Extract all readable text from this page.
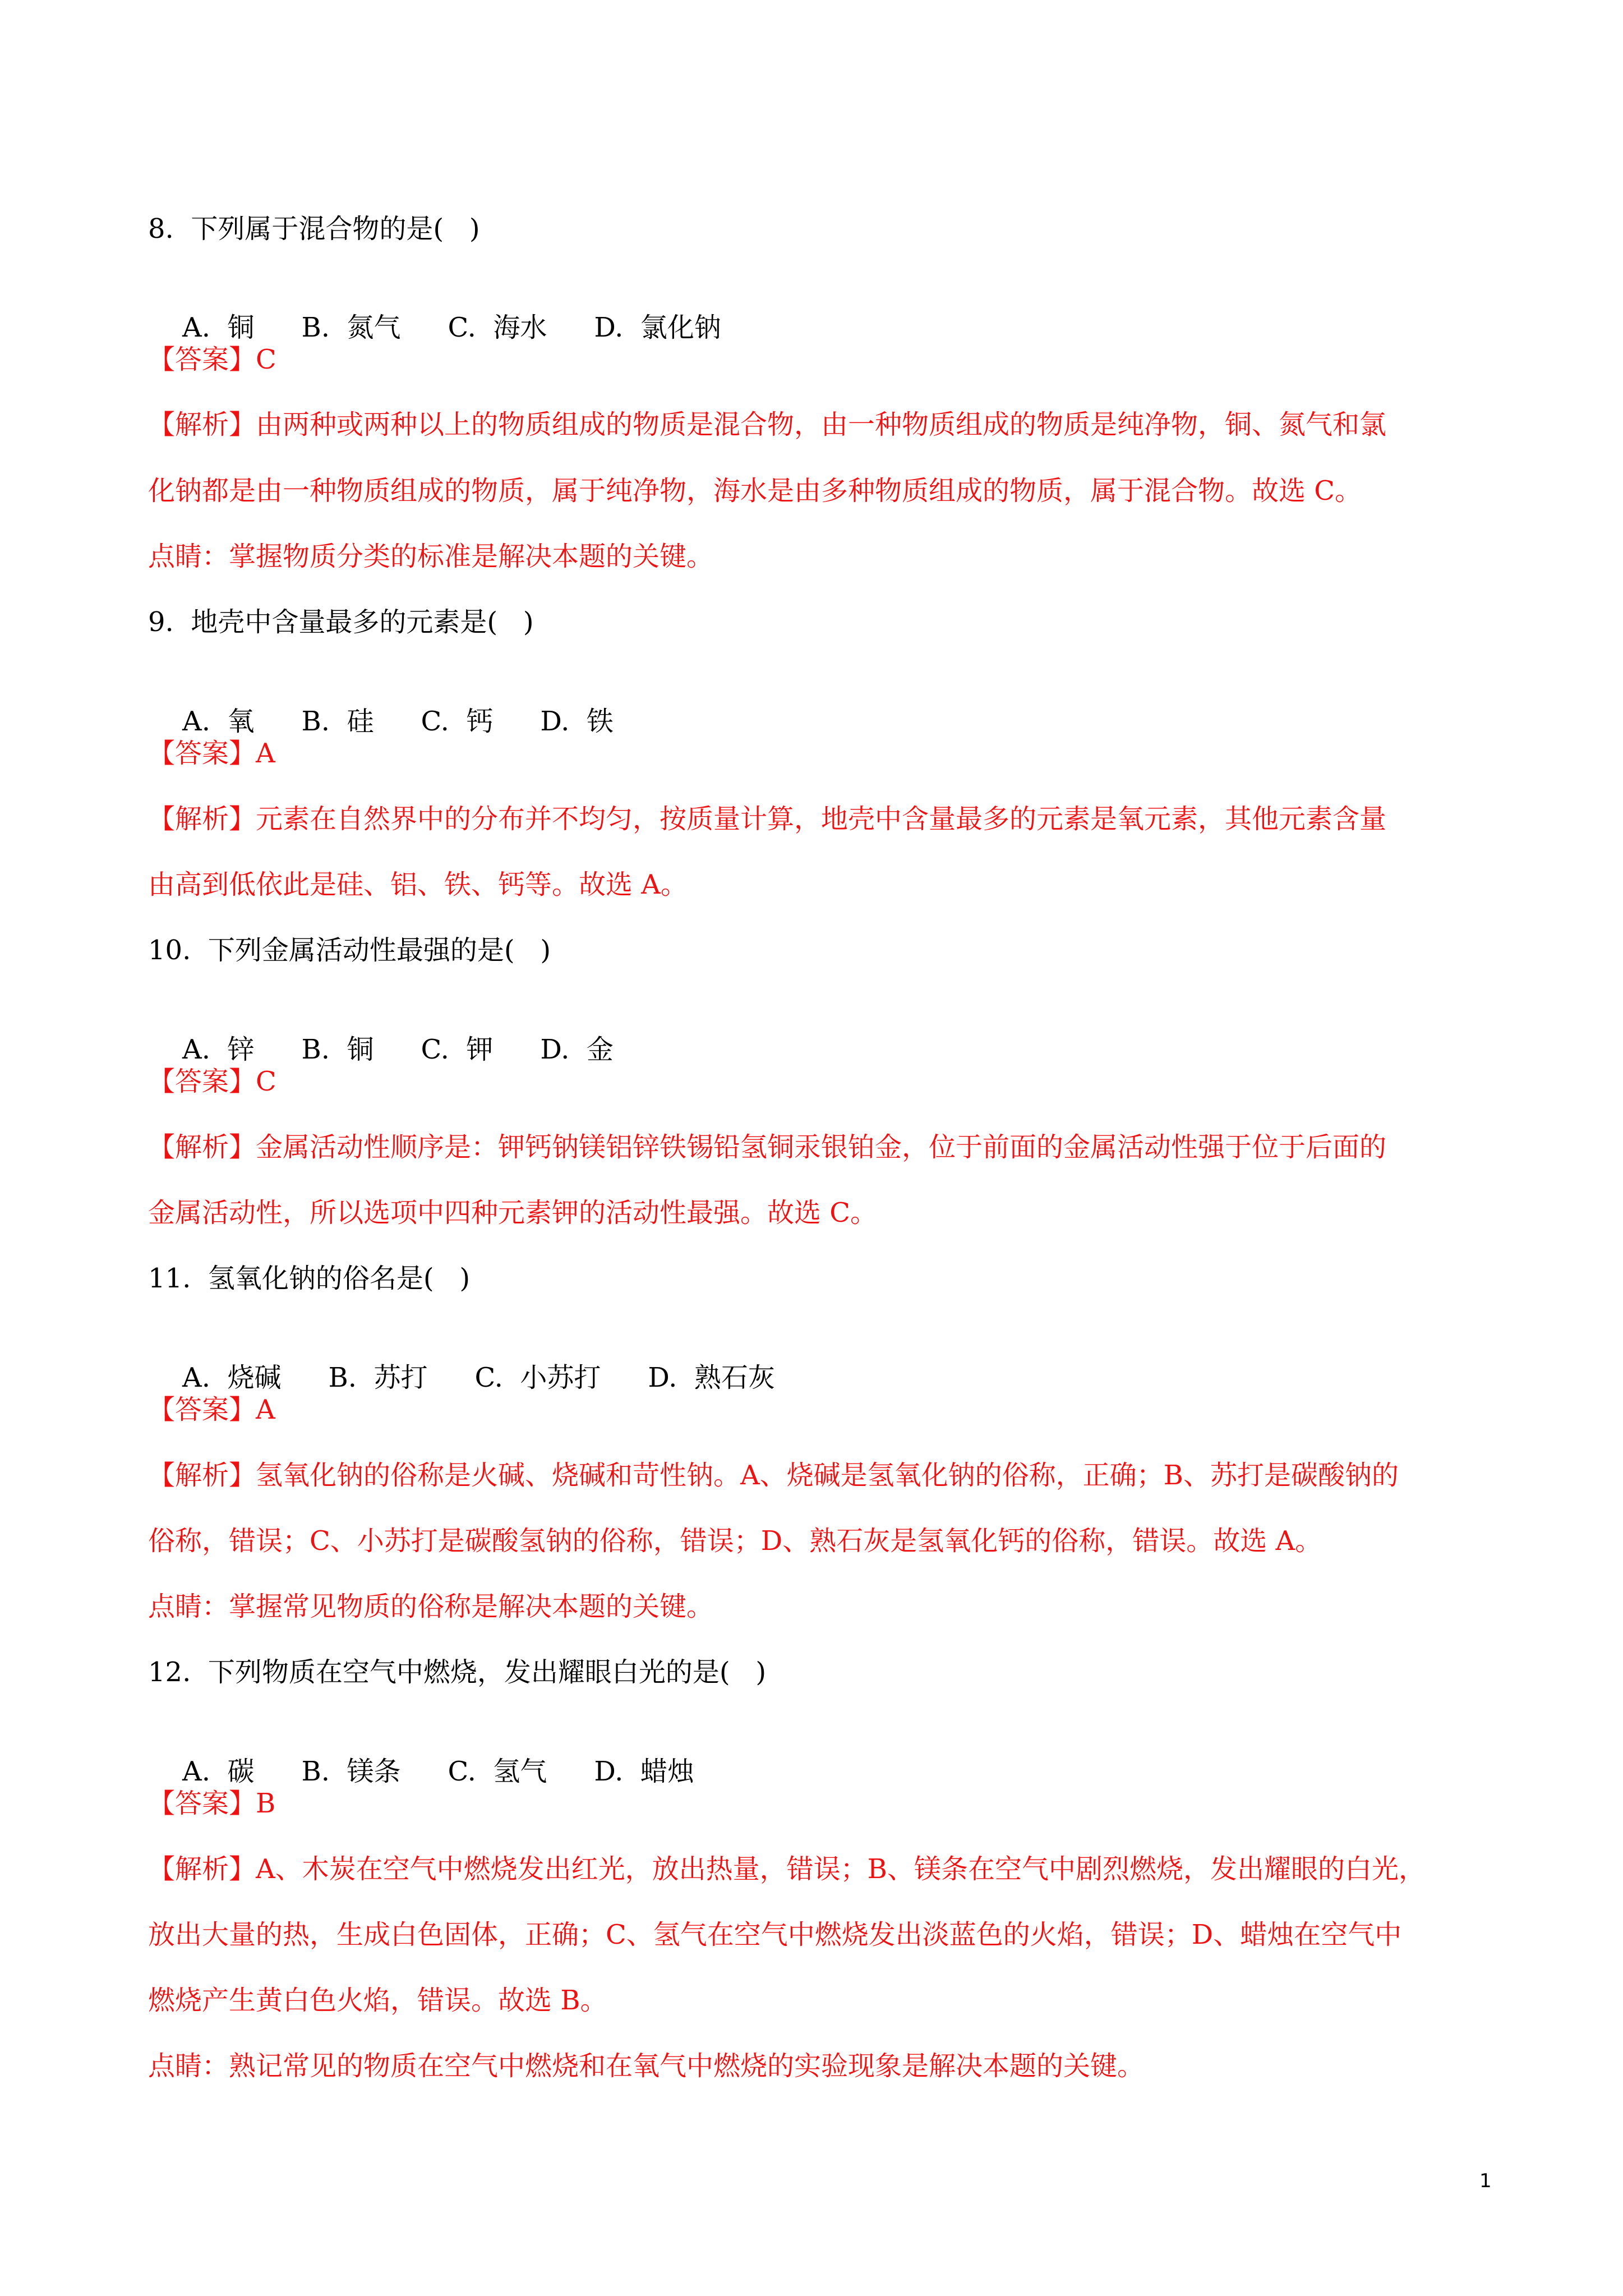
8.  下列属于混合物的是(   )

A.  铜 B.  氮气 C.  海水 D.  氯化钠

【答案】C

【解析】由两种或两种以上的物质组成的物质是混合物，由一种物质组成的物质是纯净物，铜、氮气和氯

化钠都是由一种物质组成的物质，属于纯净物，海水是由多种物质组成的物质，属于混合物。故选 C。

点睛：掌握物质分类的标准是解决本题的关键。

9.  地壳中含量最多的元素是(   )

A.  氧 B.  硅 C.  钙 D.  铁

【答案】A

【解析】元素在自然界中的分布并不均匀，按质量计算，地壳中含量最多的元素是氧元素，其他元素含量

由高到低依此是硅、铝、铁、钙等。故选 A。

10.  下列金属活动性最强的是(   )

A.  锌 B.  铜 C.  钾 D.  金

【答案】C

【解析】金属活动性顺序是：钾钙钠镁铝锌铁锡铅氢铜汞银铂金，位于前面的金属活动性强于位于后面的

金属活动性，所以选项中四种元素钾的活动性最强。故选 C。

11.  氢氧化钠的俗名是(   )

A.  烧碱 B.  苏打 C.  小苏打 D.  熟石灰

【答案】A

【解析】氢氧化钠的俗称是火碱、烧碱和苛性钠。A、烧碱是氢氧化钠的俗称，正确；B、苏打是碳酸钠的

俗称，错误；C、小苏打是碳酸氢钠的俗称，错误；D、熟石灰是氢氧化钙的俗称，错误。故选 A。

点睛：掌握常见物质的俗称是解决本题的关键。

12.  下列物质在空气中燃烧，发出耀眼白光的是(   )

A.  碳 B.  镁条 C.  氢气 D.  蜡烛

【答案】B

【解析】A、木炭在空气中燃烧发出红光，放出热量，错误；B、镁条在空气中剧烈燃烧，发出耀眼的白光，

放出大量的热，生成白色固体，正确；C、氢气在空气中燃烧发出淡蓝色的火焰，错误；D、蜡烛在空气中

燃烧产生黄白色火焰，错误。故选 B。

点睛：熟记常见的物质在空气中燃烧和在氧气中燃烧的实验现象是解决本题的关键。

1
